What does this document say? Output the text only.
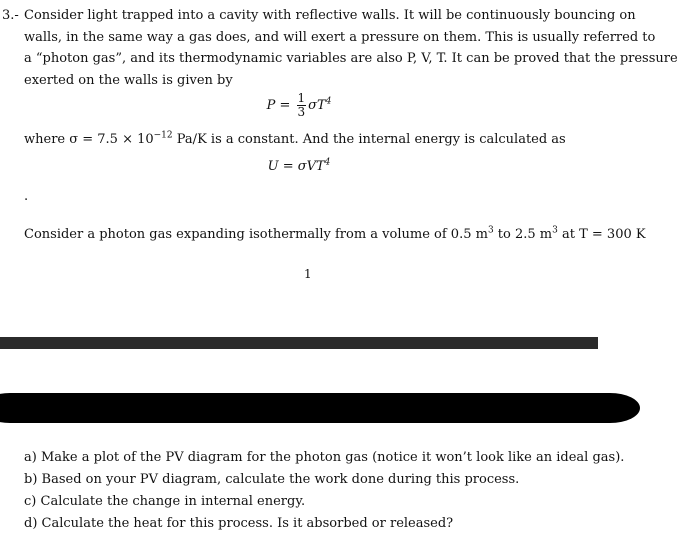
3.- Consider light trapped into a cavity with reflective walls. It will be continuously bouncing on
walls, in the same way a gas does, and will exert a pressure on them. This is usually referred to
a “photon gas”, and its thermodynamic variables are also P, V, T. It can be proved that the pressure
exerted on the walls is given by
$P = \frac{1}{3} \sigma T^4$
where $\sigma = 7.5 \times 10^{-12}$ Pa/K is a constant. And the internal energy is calculated as
U = σVT$^4$
.
Consider a photon gas expanding isothermally from a volume of 0.5 $m^3$ to 2.5 $m^3$ at T = 300 K
1
a) Make a plot of the PV diagram for the photon gas (notice it won’t look like an ideal gas).
b) Based on your PV diagram, calculate the work done during this process.
c) Calculate the change in internal energy.
d) Calculate the heat for this process. Is it absorbed or released?
